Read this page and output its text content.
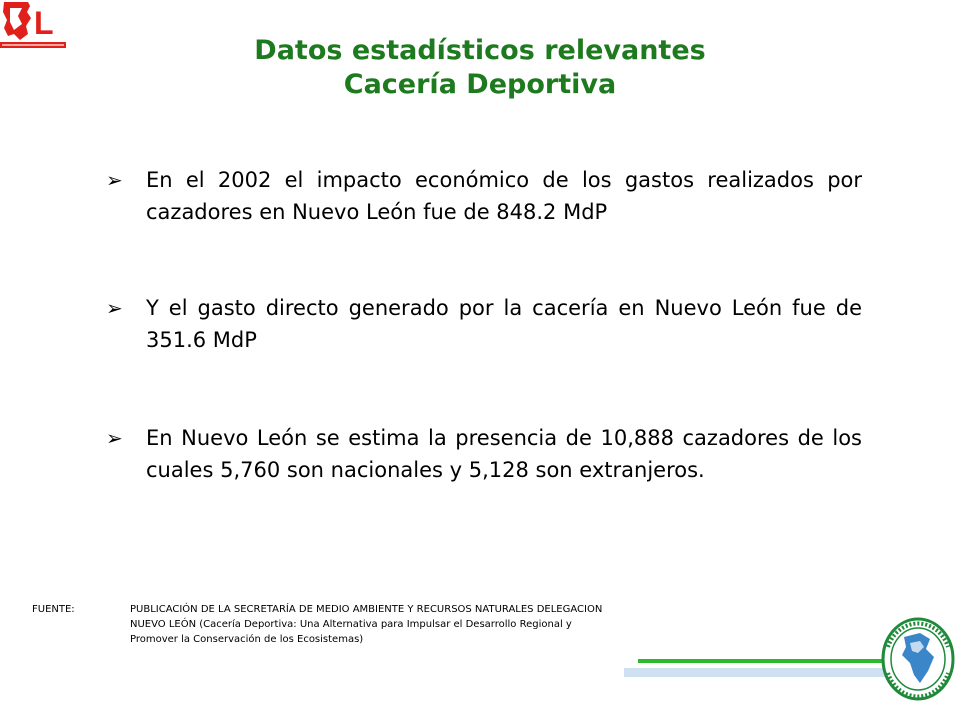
L
Datos estadísticos relevantes
Cacería Deportiva
➢	En el 2002 el impacto económico de los gastos realizados por cazadores en Nuevo León fue de 848.2 MdP
➢	Y el gasto directo generado por la cacería en Nuevo León fue de 351.6 MdP
➢	En Nuevo León se estima la presencia de 10,888 cazadores de los cuales 5,760 son nacionales y 5,128 son extranjeros.
FUENTE:	PUBLICACIÓN DE LA SECRETARÍA DE MEDIO AMBIENTE Y RECURSOS NATURALES DELEGACION NUEVO LEÓN (Cacería Deportiva: Una Alternativa para Impulsar el Desarrollo Regional y Promover la Conservación de los Ecosistemas)
